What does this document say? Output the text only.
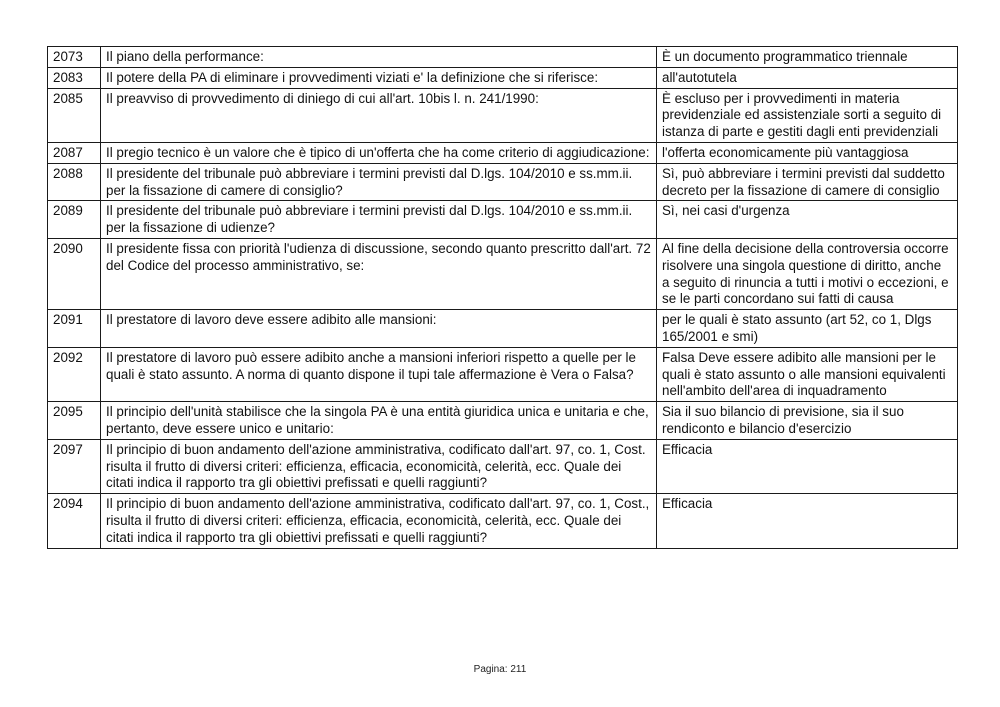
2073	Il piano della performance:	È un documento programmatico triennale
2083	Il potere della PA di eliminare i provvedimenti viziati e' la definizione che si riferisce:	all'autotutela
2085	Il preavviso di provvedimento di diniego di cui all'art. 10bis l. n. 241/1990:	È escluso per i provvedimenti in materia previdenziale ed assistenziale sorti a seguito di istanza di parte e gestiti dagli enti previdenziali
2087	Il pregio tecnico è un valore che è tipico di un'offerta che ha come criterio di aggiudicazione:	l'offerta economicamente più vantaggiosa
2088	Il presidente del tribunale può abbreviare i termini previsti dal D.lgs. 104/2010 e ss.mm.ii. per la fissazione di camere di consiglio?	Sì, può abbreviare i termini previsti dal suddetto decreto per la fissazione di camere di consiglio
2089	Il presidente del tribunale può abbreviare i termini previsti dal D.lgs. 104/2010 e ss.mm.ii. per la fissazione di udienze?	Sì, nei casi d'urgenza
2090	Il presidente fissa con priorità l'udienza di discussione, secondo quanto prescritto dall'art. 72 del Codice del processo amministrativo, se:	Al fine della decisione della controversia occorre risolvere una singola questione di diritto, anche a seguito di rinuncia a tutti i motivi o eccezioni, e se le parti concordano sui fatti di causa
2091	Il prestatore di lavoro deve essere adibito alle mansioni:	per le quali è stato assunto (art 52, co 1, Dlgs 165/2001 e smi)
2092	Il prestatore di lavoro può essere adibito anche a mansioni inferiori rispetto a quelle per le quali è stato assunto. A norma di quanto dispone il tupi tale affermazione è Vera o Falsa?	Falsa Deve essere adibito alle mansioni per le quali è stato assunto o alle mansioni equivalenti nell'ambito dell'area di inquadramento
2095	Il principio dell'unità stabilisce che la singola PA è una entità giuridica unica e unitaria e che, pertanto, deve essere unico e unitario:	Sia il suo bilancio di previsione, sia il suo rendiconto e bilancio d'esercizio
2097	Il principio di buon andamento dell'azione amministrativa, codificato dall'art. 97, co. 1, Cost. risulta il frutto di diversi criteri: efficienza, efficacia, economicità, celerità, ecc. Quale dei citati indica il rapporto tra gli obiettivi prefissati e quelli raggiunti?	Efficacia
2094	Il principio di buon andamento dell'azione amministrativa, codificato dall'art. 97, co. 1, Cost., risulta il frutto di diversi criteri: efficienza, efficacia, economicità, celerità, ecc. Quale dei citati indica il rapporto tra gli obiettivi prefissati e quelli raggiunti?	Efficacia
Pagina: 211
